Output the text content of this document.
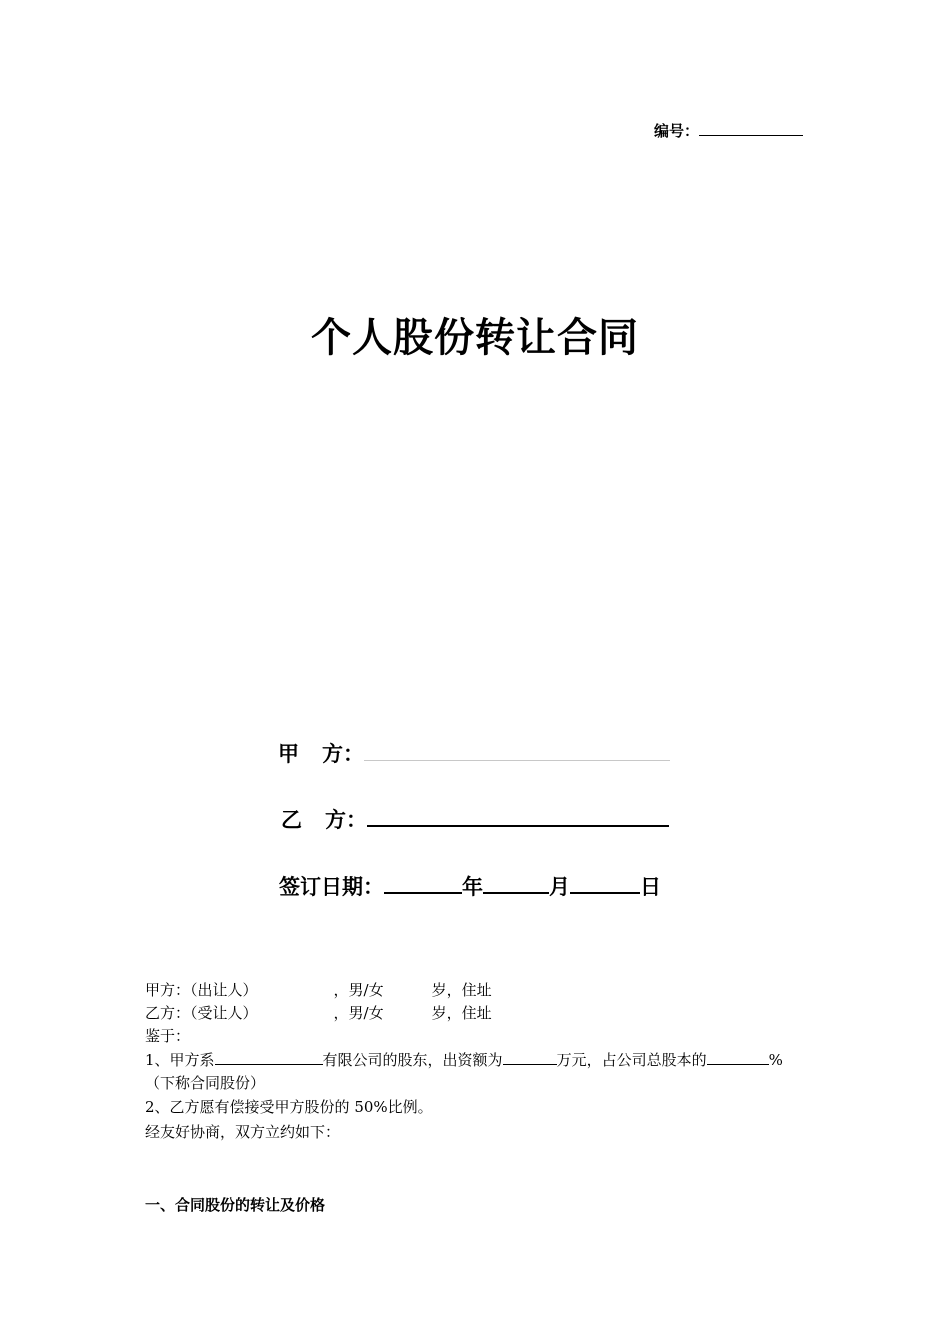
编号：
个人股份转让合同
甲 方：
乙 方：
签订日期：	年	月	日
甲方：（出让人）	，男/女	岁，住址
乙方：（受让人）	，男/女	岁，住址
鉴于：
1、甲方系	有限公司的股东，出资额为	万元，占公司总股本的	%
（下称合同股份）
2、乙方愿有偿接受甲方股份的 50%比例。
经友好协商，双方立约如下：
一、合同股份的转让及价格
